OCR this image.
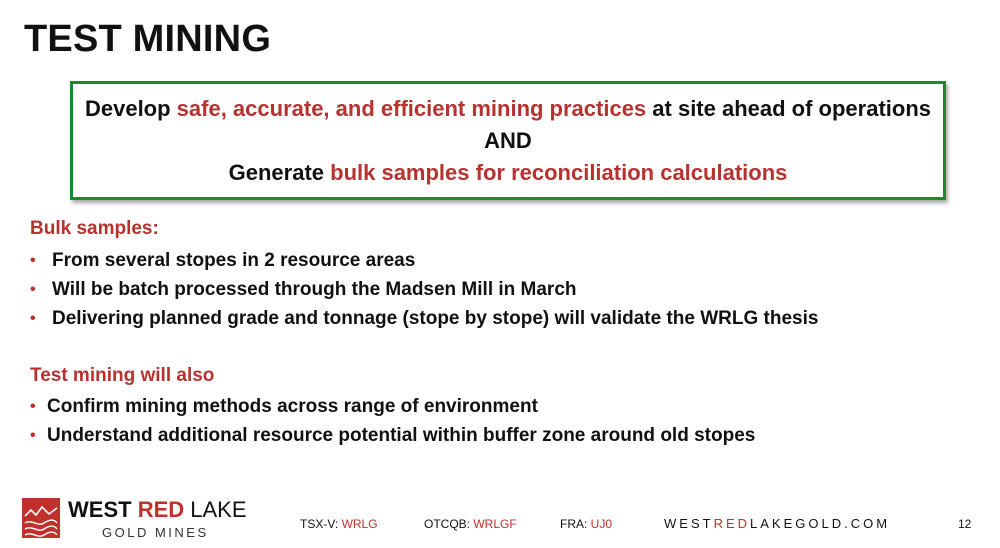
TEST MINING
Develop safe, accurate, and efficient mining practices at site ahead of operations
AND
Generate bulk samples for reconciliation calculations
Bulk samples:
• From several stopes in 2 resource areas
• Will be batch processed through the Madsen Mill in March
• Delivering planned grade and tonnage (stope by stope) will validate the WRLG thesis
Test mining will also
• Confirm mining methods across range of environment
• Understand additional resource potential within buffer zone around old stopes
WEST RED LAKE
GOLD MINES
TSX-V: WRLG	OTCQB: WRLGF	FRA: UJ0	WESTREDLAKEGOLD.COM	12
